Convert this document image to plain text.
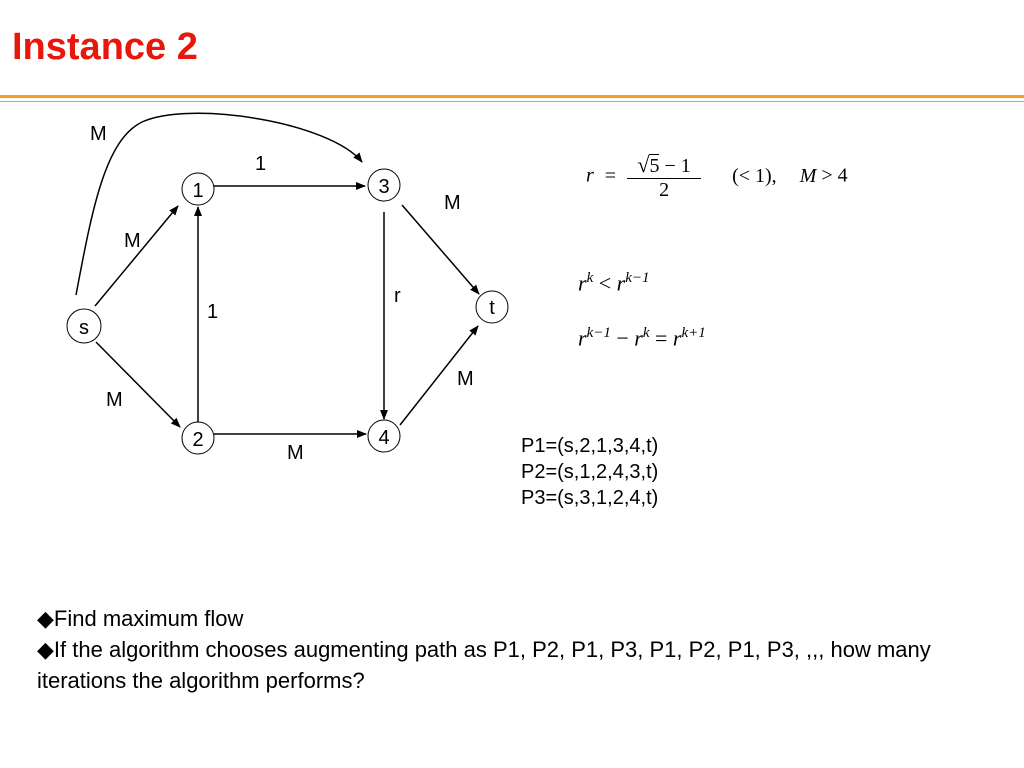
Instance 2
s
1
2
3
4
t
M
M
M
1
1
M
r
M
M
$r = \frac{√5 - 1}{2}$ (< 1), M > 4
$r^k < r^{k-1}$
$r^{k-1} - r^k = r^{k+1}$
P1=(s,2,1,3,4,t)
P2=(s,1,2,4,3,t)
P3=(s,3,1,2,4,t)
◆Find maximum flow
◆If the algorithm chooses augmenting path as P1, P2, P1, P3, P1, P2, P1, P3, ,,, how many iterations the algorithm performs?
